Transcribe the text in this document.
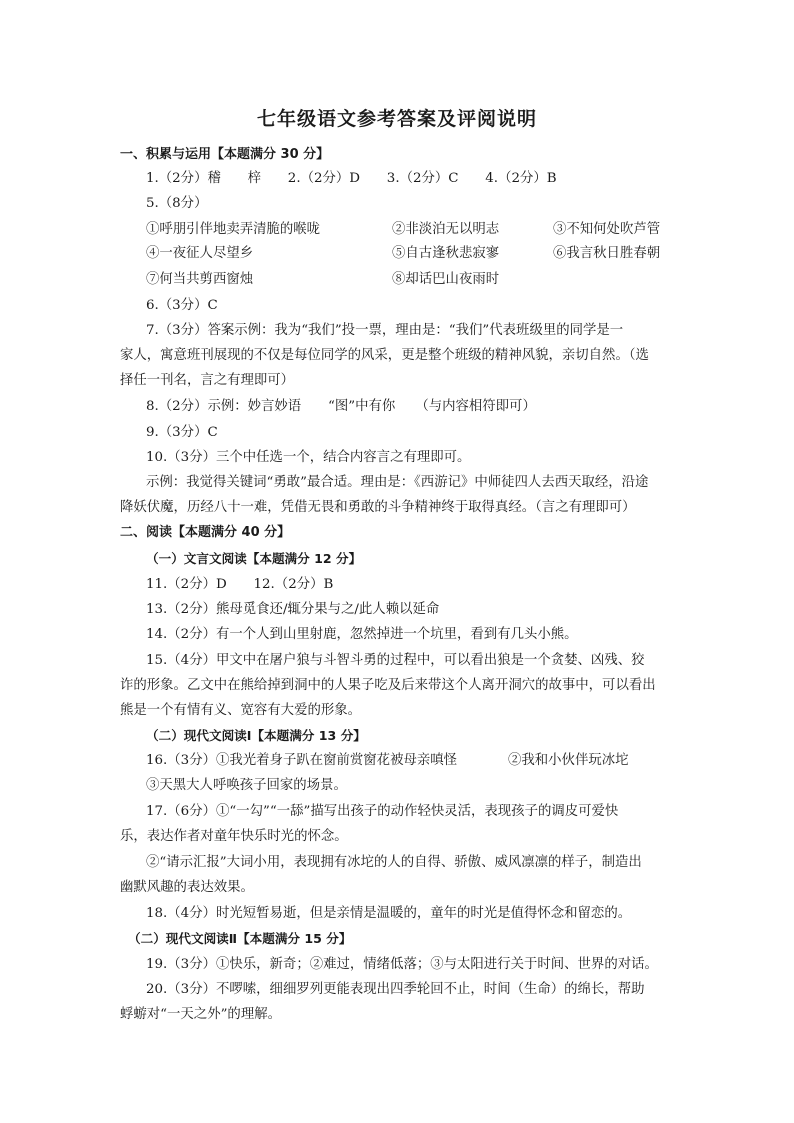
七年级语文参考答案及评阅说明
一、积累与运用【本题满分 30 分】
1.（2分）稽　　梓　　2.（2分）D　　3.（2分）C　　4.（2分）B
5.（8分）
①呼朋引伴地卖弄清脆的喉咙	②非淡泊无以明志	③不知何处吹芦管
④一夜征人尽望乡	⑤自古逢秋悲寂寥	⑥我言秋日胜春朝
⑦何当共剪西窗烛	⑧却话巴山夜雨时
6.（3分）C
7.（3分）答案示例：我为“我们”投一票，理由是：“我们”代表班级里的同学是一
家人，寓意班刊展现的不仅是每位同学的风采，更是整个班级的精神风貌，亲切自然。（选
择任一刊名，言之有理即可）
8.（2分）示例：妙言妙语　　“图”中有你　　（与内容相符即可）
9.（3分）C
10.（3分）三个中任选一个，结合内容言之有理即可。
示例：我觉得关键词“勇敢”最合适。理由是：《西游记》中师徒四人去西天取经，沿途
降妖伏魔，历经八十一难，凭借无畏和勇敢的斗争精神终于取得真经。（言之有理即可）
二、阅读【本题满分 40 分】
（一）文言文阅读【本题满分 12 分】
11.（2分）D　　12.（2分）B
13.（2分）熊母觅食还/辄分果与之/此人赖以延命
14.（2分）有一个人到山里射鹿，忽然掉进一个坑里，看到有几头小熊。
15.（4分）甲文中在屠户狼与斗智斗勇的过程中，可以看出狼是一个贪婪、凶残、狡
诈的形象。乙文中在熊给掉到洞中的人果子吃及后来带这个人离开洞穴的故事中，可以看出
熊是一个有情有义、宽容有大爱的形象。
（二）现代文阅读Ⅰ【本题满分 13 分】
16.（3分）①我光着身子趴在窗前赏窗花被母亲嗔怪	②我和小伙伴玩冰坨
③天黑大人呼唤孩子回家的场景。
17.（6分）①“一勾”“一舔”描写出孩子的动作轻快灵活，表现孩子的调皮可爱快
乐，表达作者对童年快乐时光的怀念。
②“请示汇报”大词小用，表现拥有冰坨的人的自得、骄傲、威风凛凛的样子，制造出
幽默风趣的表达效果。
18.（4分）时光短暂易逝，但是亲情是温暖的，童年的时光是值得怀念和留恋的。
（二）现代文阅读Ⅱ【本题满分 15 分】
19.（3分）①快乐，新奇；②难过，情绪低落；③与太阳进行关于时间、世界的对话。
20.（3分）不啰嗦，细细罗列更能表现出四季轮回不止，时间（生命）的绵长，帮助
蜉蝣对“一天之外”的理解。
